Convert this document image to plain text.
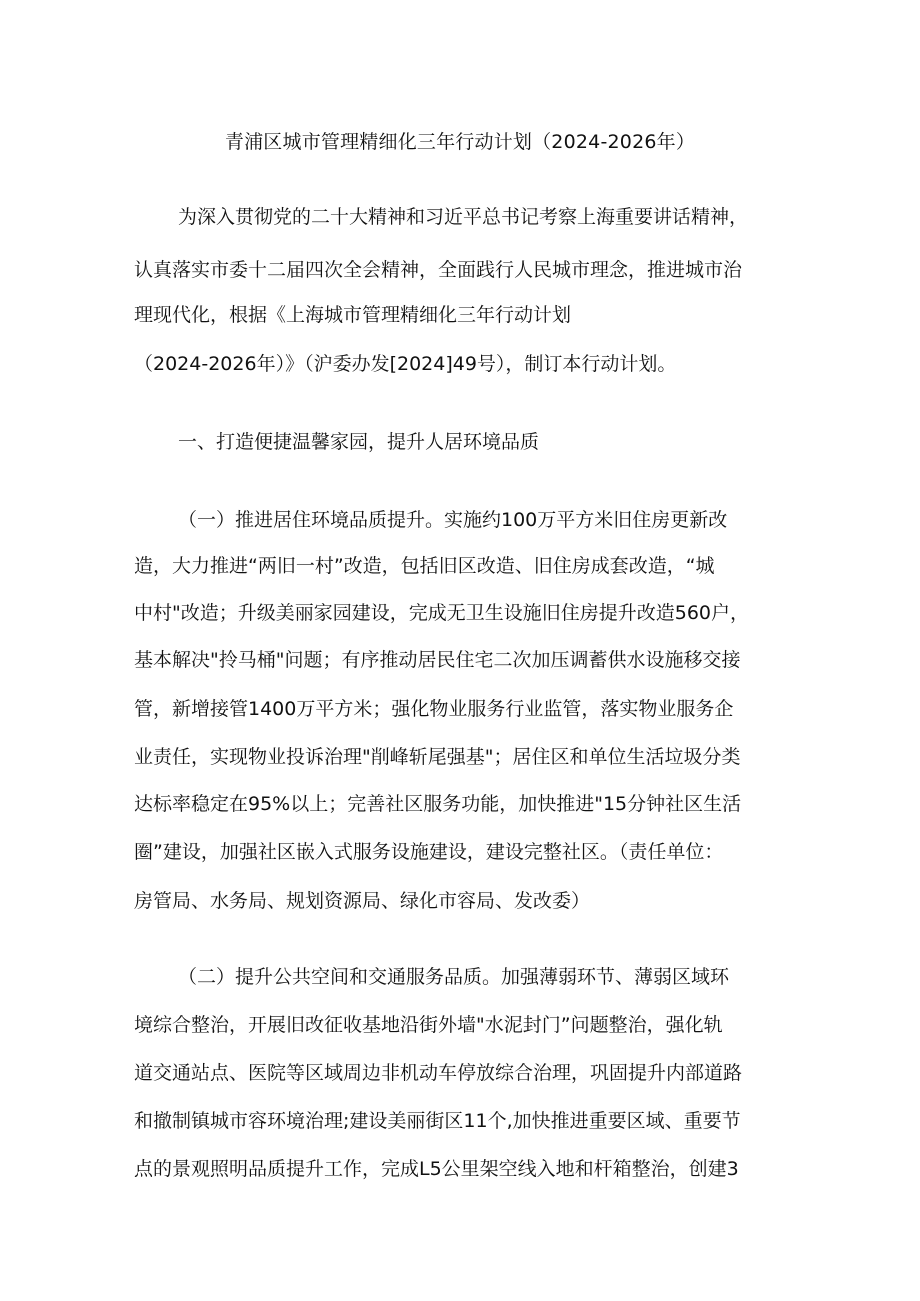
青浦区城市管理精细化三年行动计划（2024-2026年）
为深入贯彻党的二十大精神和习近平总书记考察上海重要讲话精神，
认真落实市委十二届四次全会精神，全面践行人民城市理念，推进城市治
理现代化，根据《上海城市管理精细化三年行动计划
（2024-2026年）》（沪委办发[2024]49号），制订本行动计划。
一、打造便捷温馨家园，提升人居环境品质
（一）推进居住环境品质提升。实施约100万平方米旧住房更新改
造，大力推进“两旧一村”改造，包括旧区改造、旧住房成套改造，“城
中村"改造；升级美丽家园建设，完成无卫生设施旧住房提升改造560户，
基本解决"拎马桶"问题；有序推动居民住宅二次加压调蓄供水设施移交接
管，新增接管1400万平方米；强化物业服务行业监管，落实物业服务企
业责任，实现物业投诉治理"削峰斩尾强基"；居住区和单位生活垃圾分类
达标率稳定在95%以上；完善社区服务功能，加快推进"15分钟社区生活
圈”建设，加强社区嵌入式服务设施建设，建设完整社区。（责任单位：
房管局、水务局、规划资源局、绿化市容局、发改委）
（二）提升公共空间和交通服务品质。加强薄弱环节、薄弱区域环
境综合整治，开展旧改征收基地沿街外墙"水泥封门”问题整治，强化轨
道交通站点、医院等区域周边非机动车停放综合治理，巩固提升内部道路
和撤制镇城市容环境治理;建设美丽街区11个,加快推进重要区域、重要节
点的景观照明品质提升工作，完成L5公里架空线入地和杆箱整治，创建3
